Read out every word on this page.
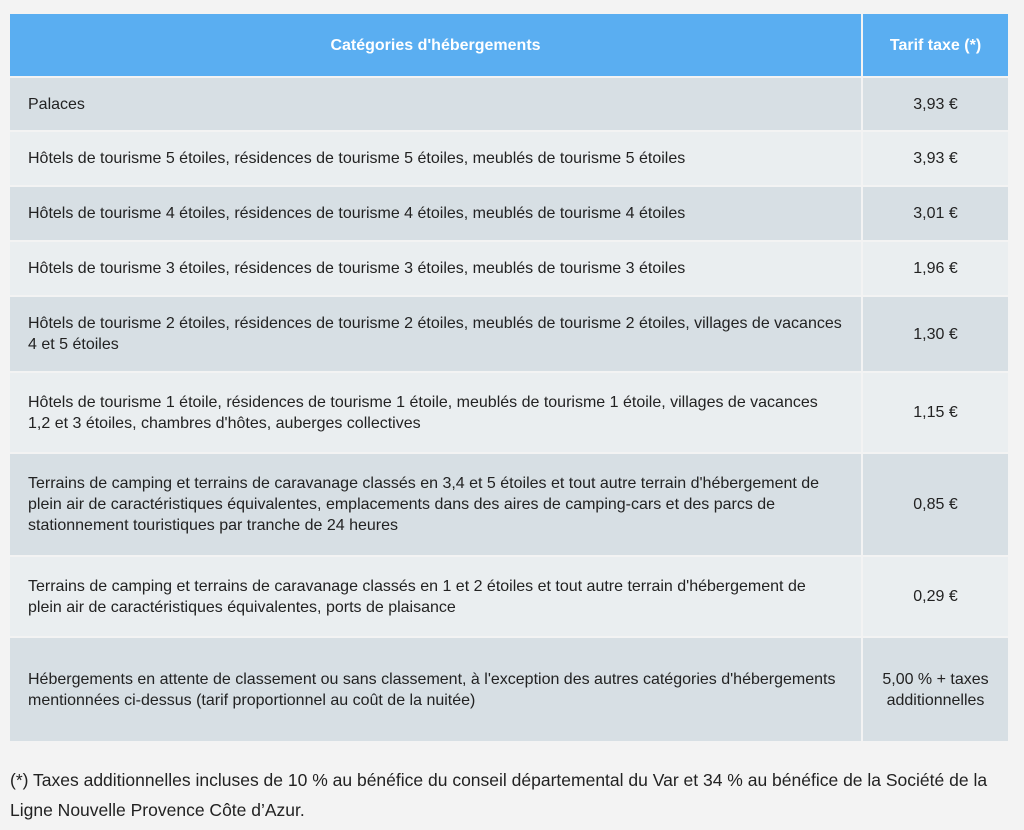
Catégories d'hébergements	Tarif taxe (*)
Palaces	3,93 €
Hôtels de tourisme 5 étoiles, résidences de tourisme 5 étoiles, meublés de tourisme 5 étoiles	3,93 €
Hôtels de tourisme 4 étoiles, résidences de tourisme 4 étoiles, meublés de tourisme 4 étoiles	3,01 €
Hôtels de tourisme 3 étoiles, résidences de tourisme 3 étoiles, meublés de tourisme 3 étoiles	1,96 €
Hôtels de tourisme 2 étoiles, résidences de tourisme 2 étoiles, meublés de tourisme 2 étoiles, villages de vacances 4 et 5 étoiles	1,30 €
Hôtels de tourisme 1 étoile, résidences de tourisme 1 étoile, meublés de tourisme 1 étoile, villages de vacances 1,2 et 3 étoiles, chambres d'hôtes, auberges collectives	1,15 €
Terrains de camping et terrains de caravanage classés en 3,4 et 5 étoiles et tout autre terrain d'hébergement de plein air de caractéristiques équivalentes, emplacements dans des aires de camping-cars et des parcs de stationnement touristiques par tranche de 24 heures	0,85 €
Terrains de camping et terrains de caravanage classés en 1 et 2 étoiles et tout autre terrain d'hébergement de plein air de caractéristiques équivalentes, ports de plaisance	0,29 €
Hébergements en attente de classement ou sans classement, à l'exception des autres catégories d'hébergements mentionnées ci-dessus (tarif proportionnel au coût de la nuitée)	5,00 % + taxes additionnelles
(*) Taxes additionnelles incluses de 10 % au bénéfice du conseil départemental du Var et 34 % au bénéfice de la Société de la Ligne Nouvelle Provence Côte d’Azur.
